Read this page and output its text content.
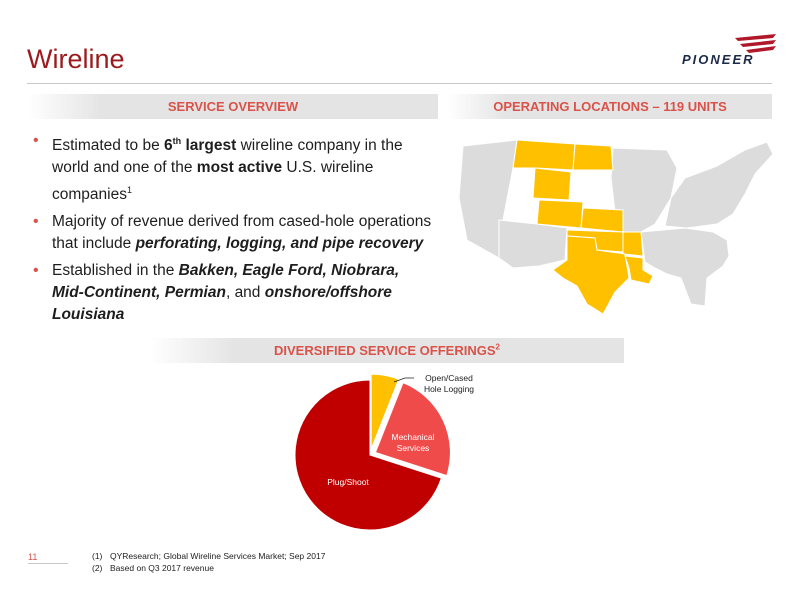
Wireline	PIONEER
SERVICE OVERVIEW	OPERATING LOCATIONS – 119 UNITS
DIVERSIFIED SERVICE OFFERINGS$^2$
• Estimated to be 6th largest wireline company in the world and one of the most active U.S. wireline companies$^1$
• Majority of revenue derived from cased-hole operations that include perforating, logging, and pipe recovery
• Established in the Bakken, Eagle Ford, Niobrara, Mid-Continent, Permian, and onshore/offshore Louisiana
Open/Cased
Hole Logging
Mechanical
Services
Plug/Shoot
11	(1) QYResearch; Global Wireline Services Market; Sep 2017
(2) Based on Q3 2017 revenue
